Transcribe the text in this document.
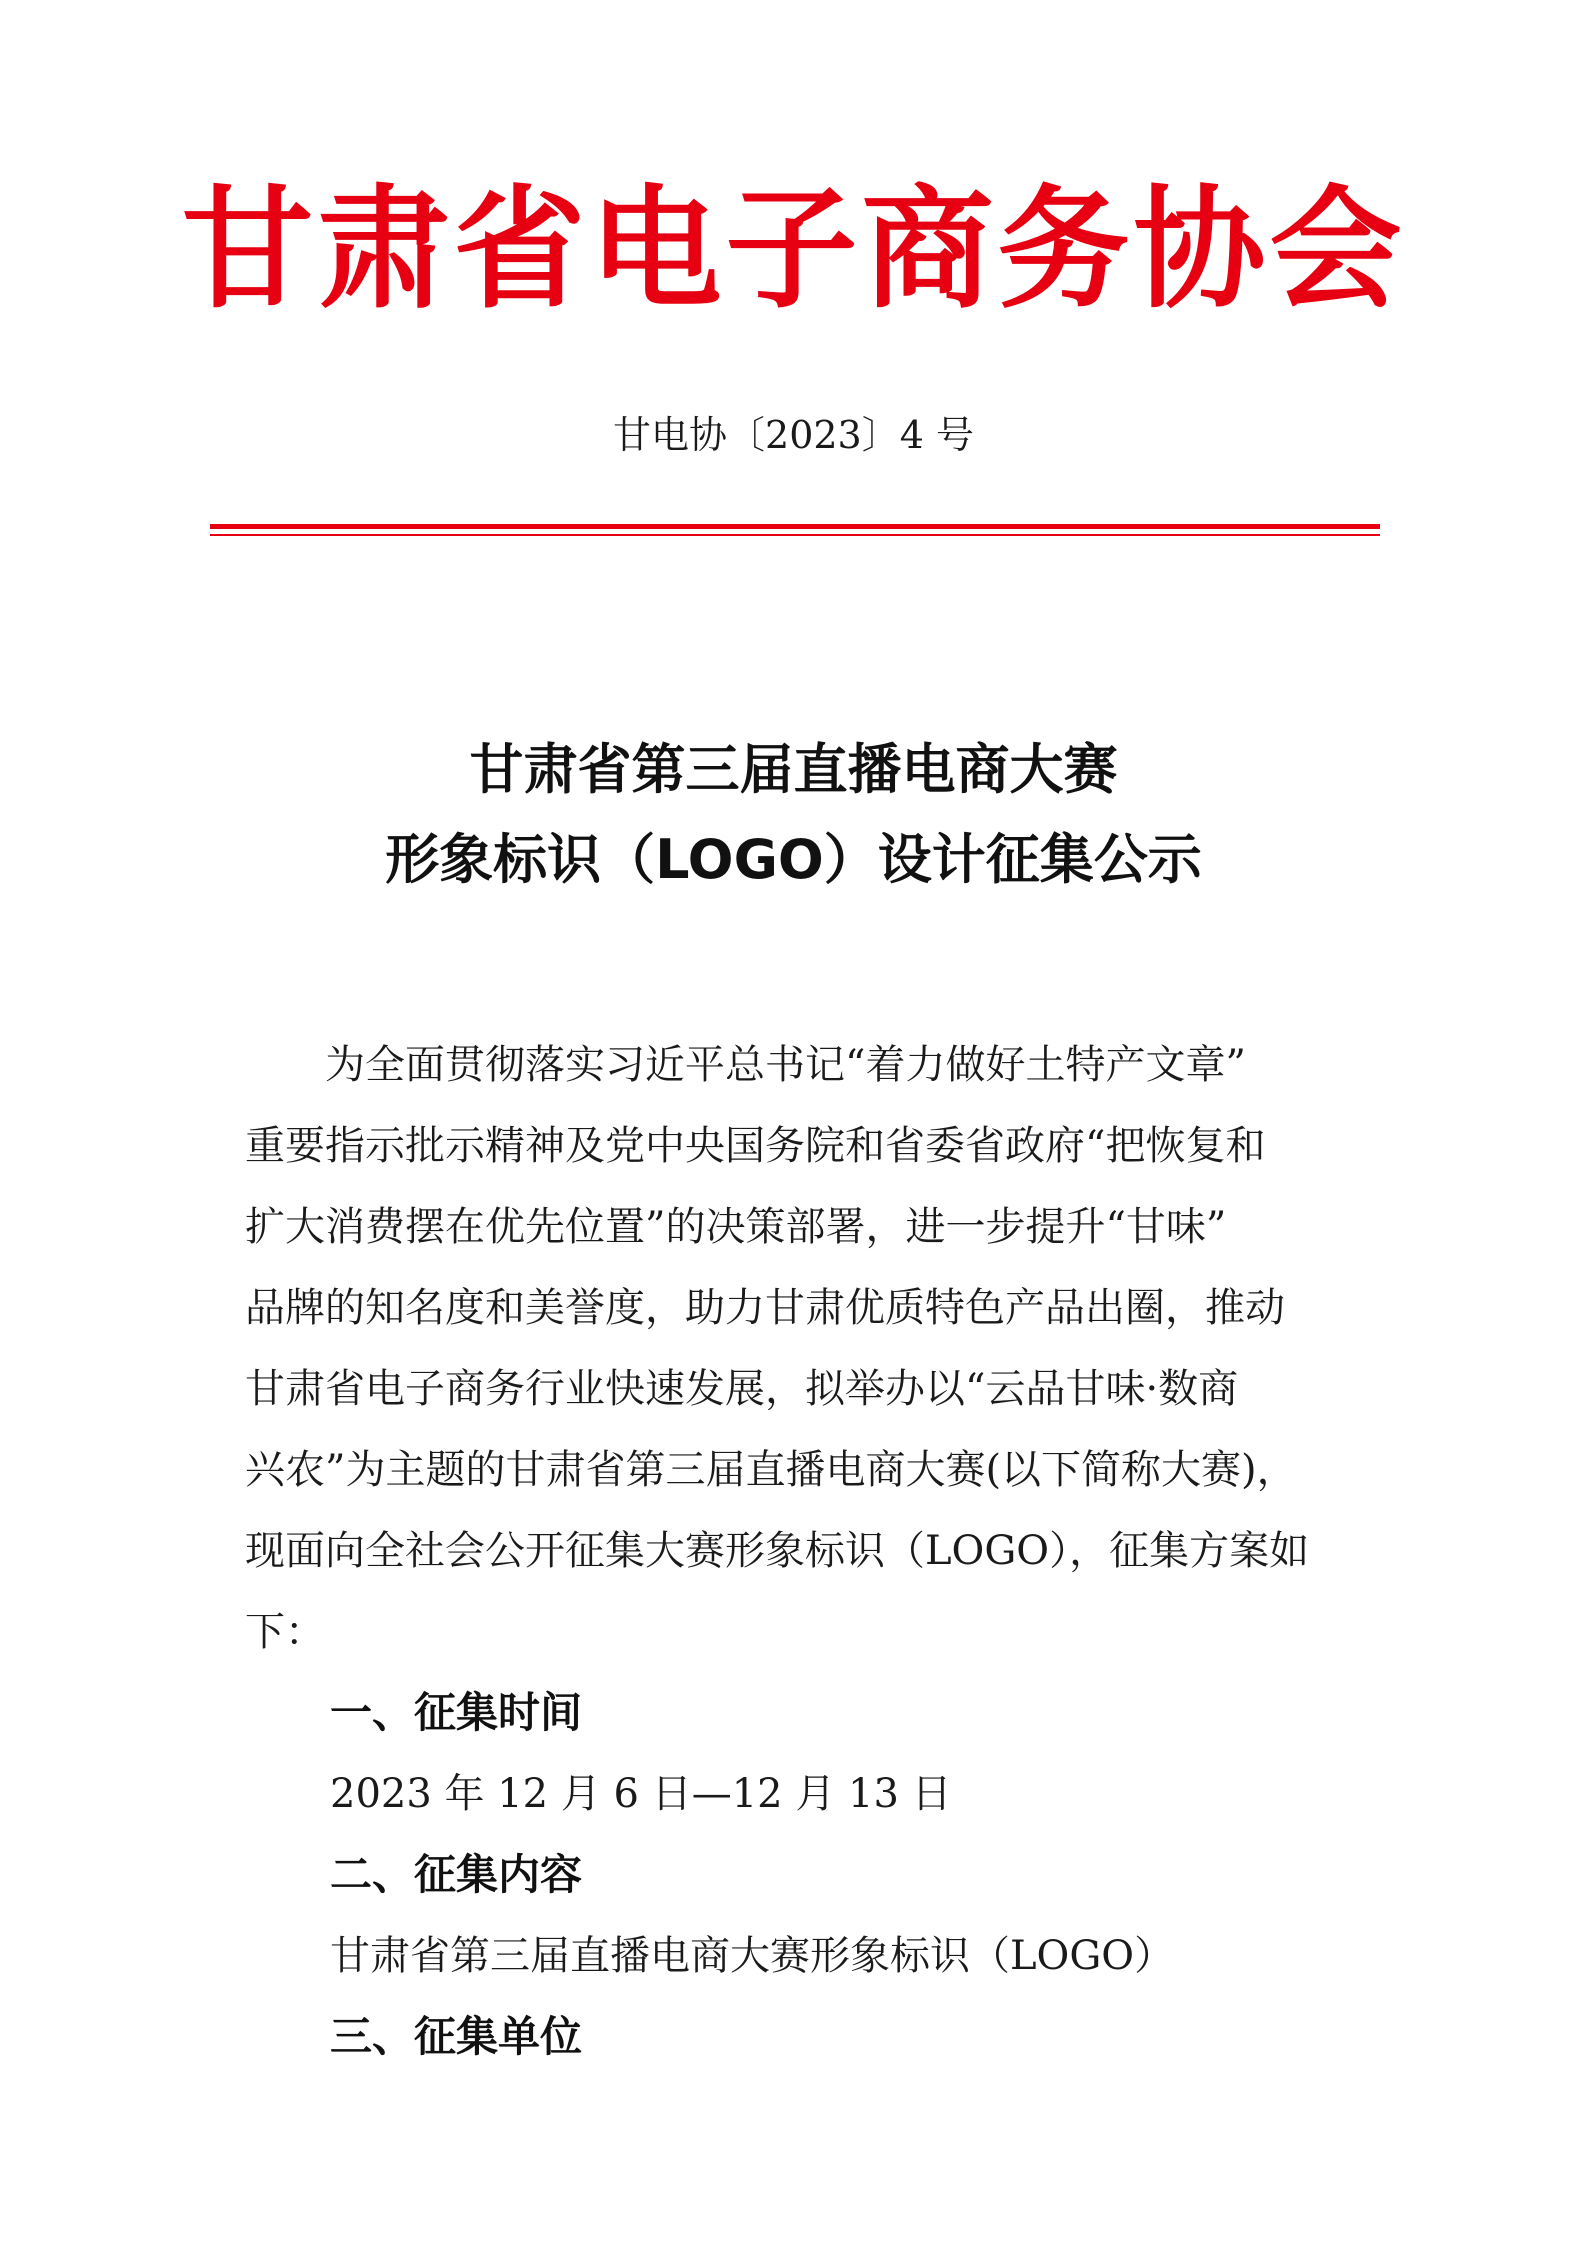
甘肃省电子商务协会
甘电协〔2023〕4 号
甘肃省第三届直播电商大赛
形象标识（LOGO）设计征集公示
　　为全面贯彻落实习近平总书记“着力做好土特产文章”
重要指示批示精神及党中央国务院和省委省政府“把恢复和
扩大消费摆在优先位置”的决策部署，进一步提升“甘味”
品牌的知名度和美誉度，助力甘肃优质特色产品出圈，推动
甘肃省电子商务行业快速发展，拟举办以“云品甘味·数商
兴农”为主题的甘肃省第三届直播电商大赛(以下简称大赛)，
现面向全社会公开征集大赛形象标识（LOGO），征集方案如
下：
一、征集时间
2023 年 12 月 6 日—12 月 13 日
二、征集内容
甘肃省第三届直播电商大赛形象标识（LOGO）
三、征集单位
